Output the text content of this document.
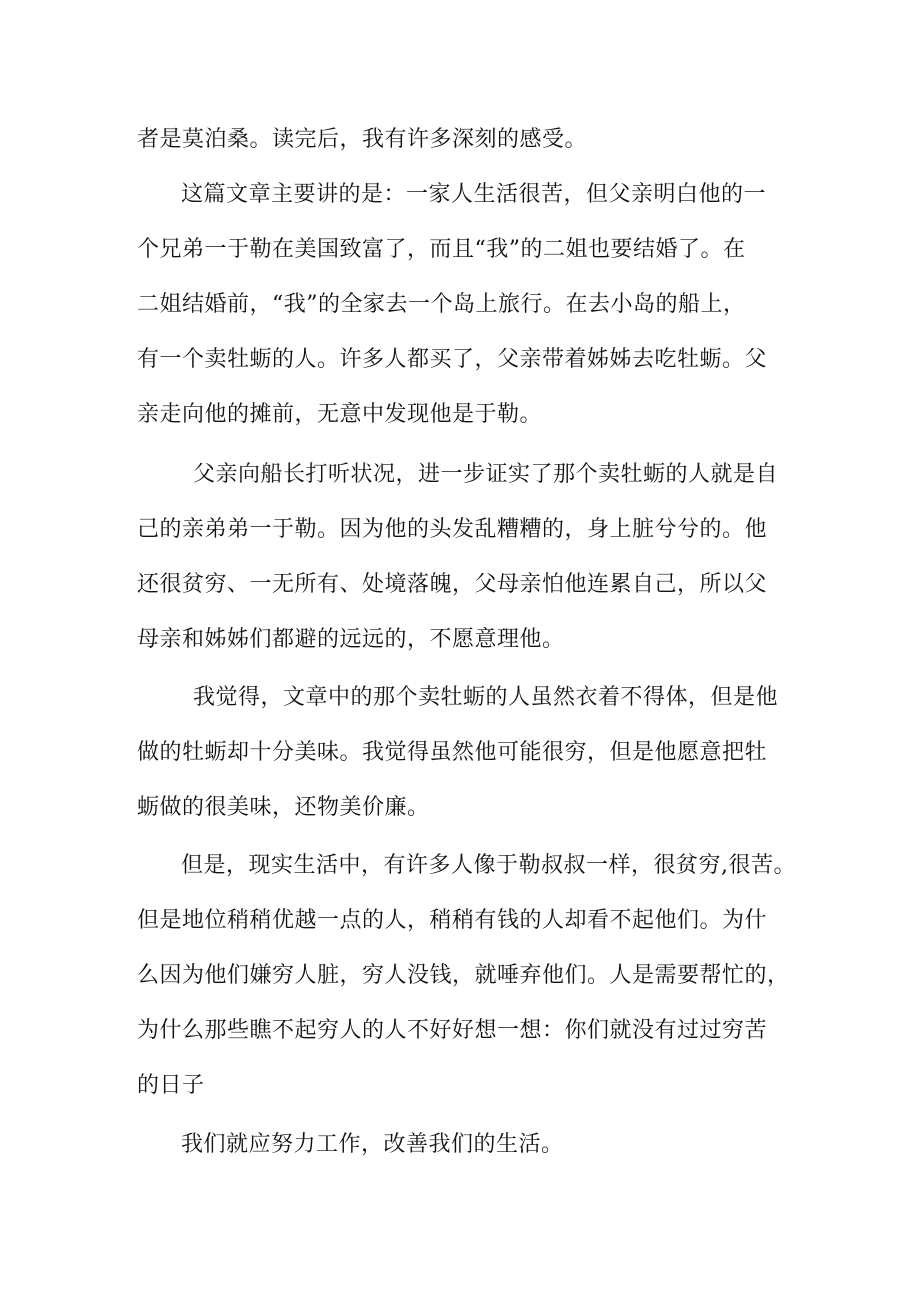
者是莫泊桑。读完后，我有许多深刻的感受。
这篇文章主要讲的是：一家人生活很苦，但父亲明白他的一
个兄弟一于勒在美国致富了，而且“我”的二姐也要结婚了。在
二姐结婚前，“我”的全家去一个岛上旅行。在去小岛的船上，
有一个卖牡蛎的人。许多人都买了，父亲带着姊姊去吃牡蛎。父
亲走向他的摊前，无意中发现他是于勒。
父亲向船长打听状况，进一步证实了那个卖牡蛎的人就是自
己的亲弟弟一于勒。因为他的头发乱糟糟的，身上脏兮兮的。他
还很贫穷、一无所有、处境落魄，父母亲怕他连累自己，所以父
母亲和姊姊们都避的远远的，不愿意理他。
我觉得，文章中的那个卖牡蛎的人虽然衣着不得体，但是他
做的牡蛎却十分美味。我觉得虽然他可能很穷，但是他愿意把牡
蛎做的很美味，还物美价廉。
但是，现实生活中，有许多人像于勒叔叔一样，很贫穷,很苦。
但是地位稍稍优越一点的人，稍稍有钱的人却看不起他们。为什
么因为他们嫌穷人脏，穷人没钱，就唾弃他们。人是需要帮忙的，
为什么那些瞧不起穷人的人不好好想一想：你们就没有过过穷苦
的日子
我们就应努力工作，改善我们的生活。
